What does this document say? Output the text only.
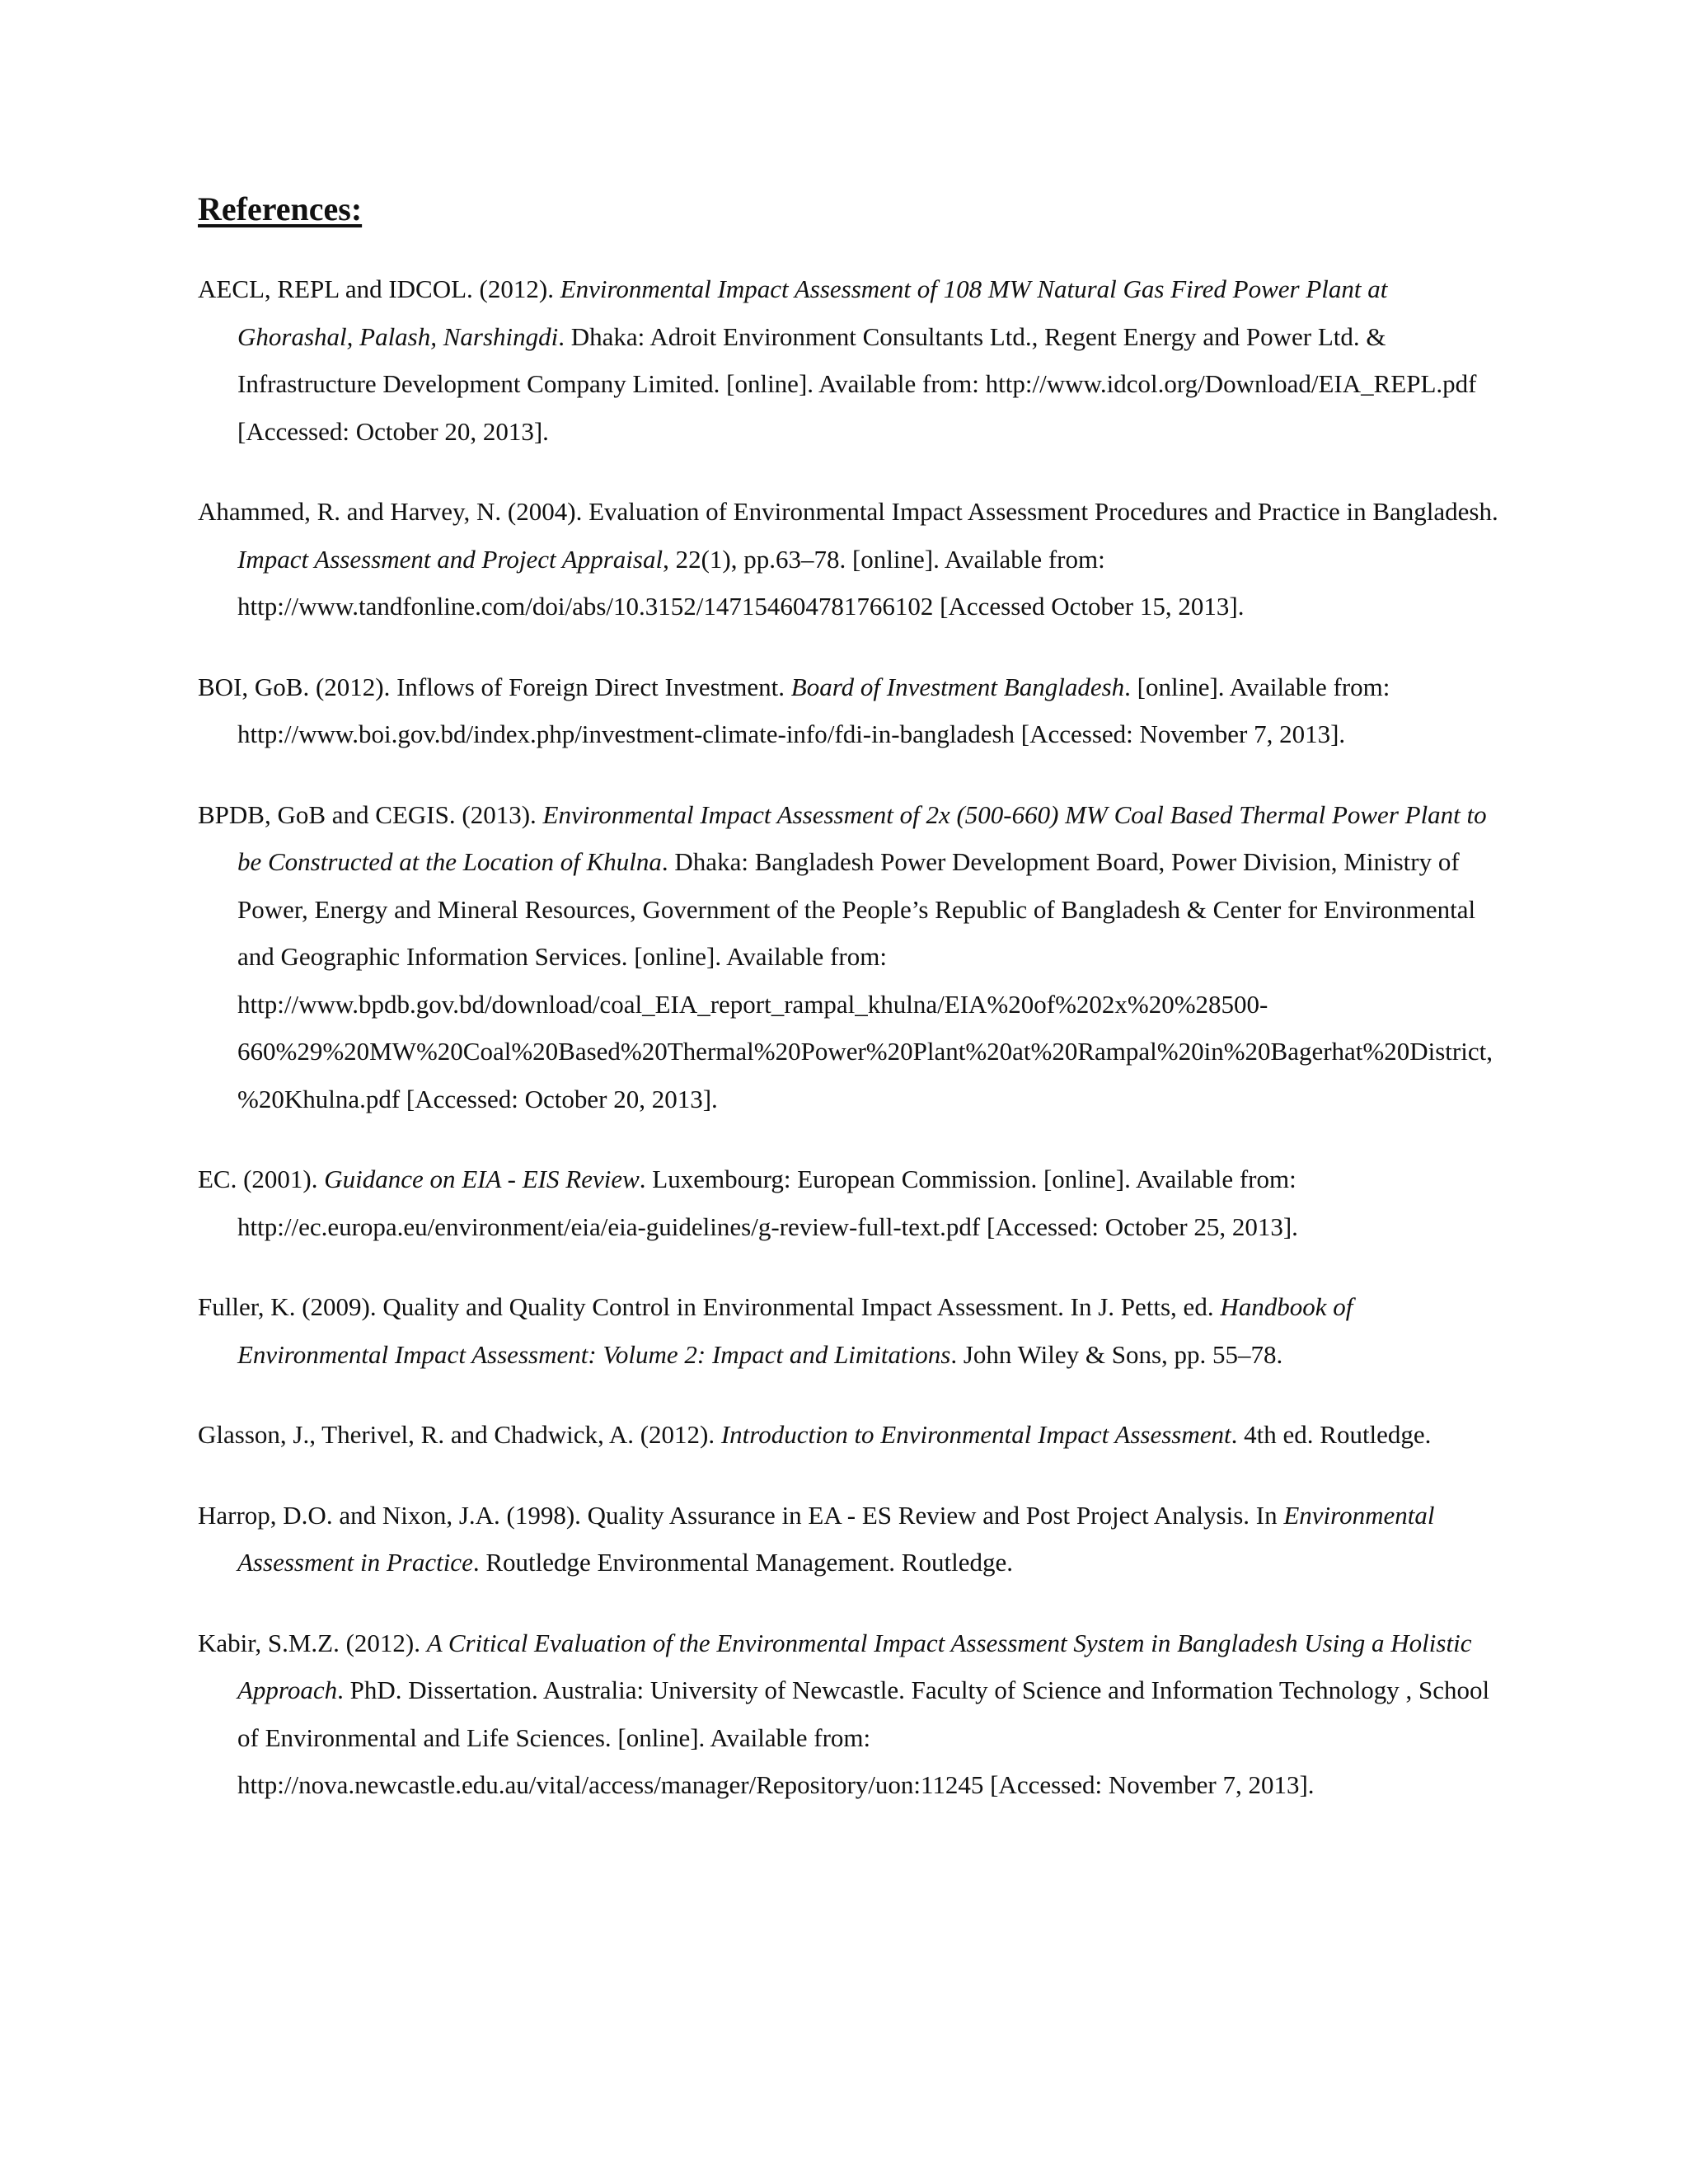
References:

AECL, REPL and IDCOL. (2012). Environmental Impact Assessment of 108 MW Natural Gas Fired Power Plant at Ghorashal, Palash, Narshingdi. Dhaka: Adroit Environment Consultants Ltd., Regent Energy and Power Ltd. & Infrastructure Development Company Limited. [online]. Available from: http://www.idcol.org/Download/EIA_REPL.pdf [Accessed: October 20, 2013].

Ahammed, R. and Harvey, N. (2004). Evaluation of Environmental Impact Assessment Procedures and Practice in Bangladesh. Impact Assessment and Project Appraisal, 22(1), pp.63–78. [online]. Available from: http://www.tandfonline.com/doi/abs/10.3152/147154604781766102 [Accessed October 15, 2013].

BOI, GoB. (2012). Inflows of Foreign Direct Investment. Board of Investment Bangladesh. [online]. Available from: http://www.boi.gov.bd/index.php/investment-climate-info/fdi-in-bangladesh [Accessed: November 7, 2013].

BPDB, GoB and CEGIS. (2013). Environmental Impact Assessment of 2x (500-660) MW Coal Based Thermal Power Plant to be Constructed at the Location of Khulna. Dhaka: Bangladesh Power Development Board, Power Division, Ministry of Power, Energy and Mineral Resources, Government of the People’s Republic of Bangladesh & Center for Environmental and Geographic Information Services. [online]. Available from: http://www.bpdb.gov.bd/download/coal_EIA_report_rampal_khulna/EIA%20of%202x%20%28500-660%29%20MW%20Coal%20Based%20Thermal%20Power%20Plant%20at%20Rampal%20in%20Bagerhat%20District,%20Khulna.pdf [Accessed: October 20, 2013].

EC. (2001). Guidance on EIA - EIS Review. Luxembourg: European Commission. [online]. Available from: http://ec.europa.eu/environment/eia/eia-guidelines/g-review-full-text.pdf [Accessed: October 25, 2013].

Fuller, K. (2009). Quality and Quality Control in Environmental Impact Assessment. In J. Petts, ed. Handbook of Environmental Impact Assessment: Volume 2: Impact and Limitations. John Wiley & Sons, pp. 55–78.

Glasson, J., Therivel, R. and Chadwick, A. (2012). Introduction to Environmental Impact Assessment. 4th ed. Routledge.

Harrop, D.O. and Nixon, J.A. (1998). Quality Assurance in EA - ES Review and Post Project Analysis. In Environmental Assessment in Practice. Routledge Environmental Management. Routledge.

Kabir, S.M.Z. (2012). A Critical Evaluation of the Environmental Impact Assessment System in Bangladesh Using a Holistic Approach. PhD. Dissertation. Australia: University of Newcastle. Faculty of Science and Information Technology , School of Environmental and Life Sciences. [online]. Available from: http://nova.newcastle.edu.au/vital/access/manager/Repository/uon:11245 [Accessed: November 7, 2013].
